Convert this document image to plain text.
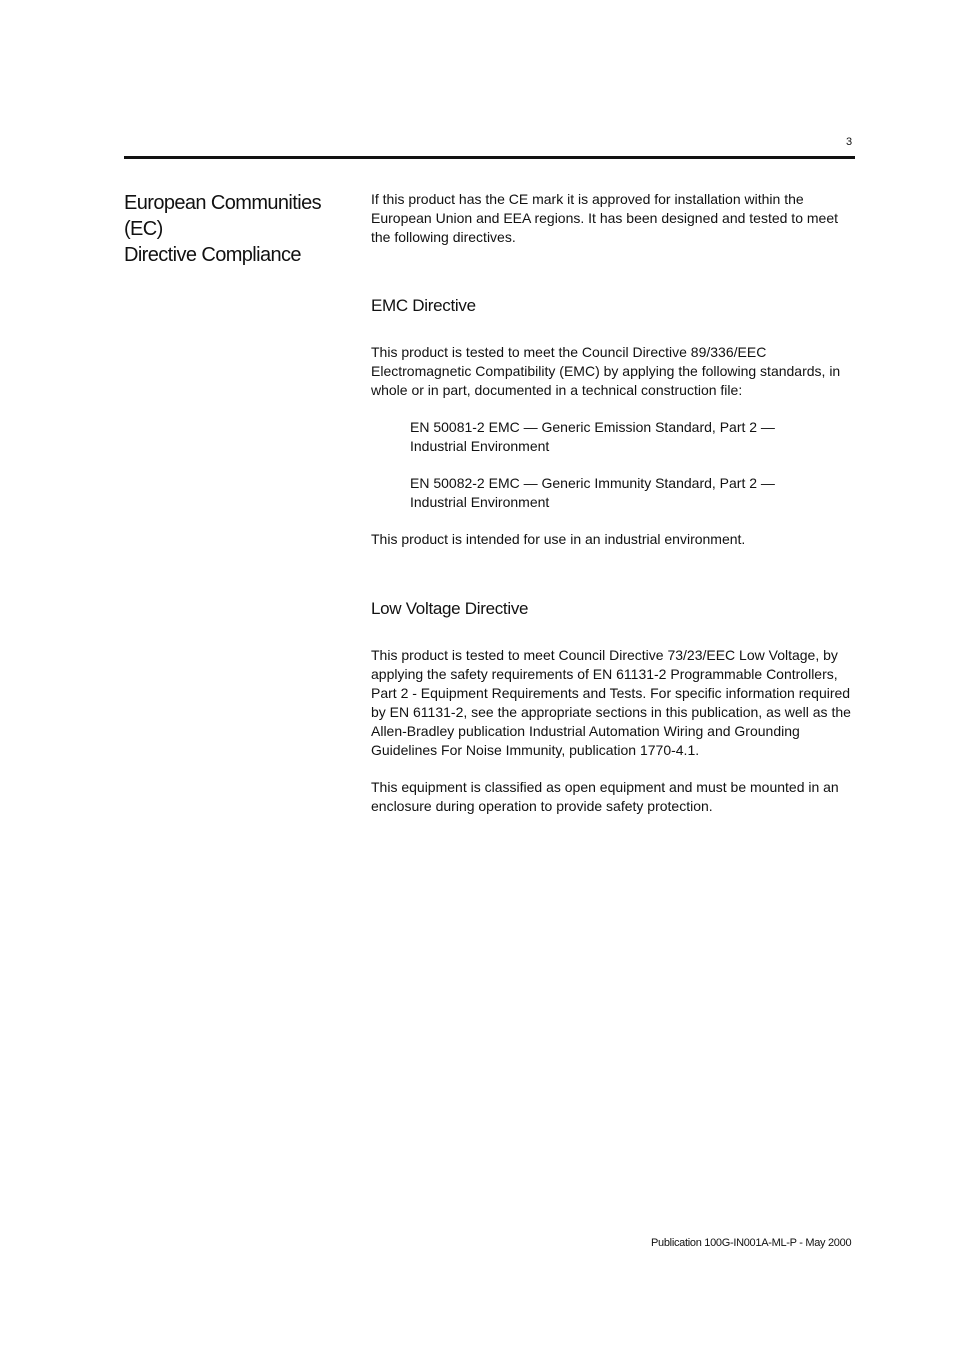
3
European Communities (EC)
Directive Compliance

If this product has the CE mark it is approved for installation within the European Union and EEA regions. It has been designed and tested to meet the following directives.

EMC Directive

This product is tested to meet the Council Directive 89/336/EEC Electromagnetic Compatibility (EMC) by applying the following standards, in whole or in part, documented in a technical construction file:

EN 50081-2 EMC — Generic Emission Standard, Part 2 —
Industrial Environment

EN 50082-2 EMC — Generic Immunity Standard, Part 2 —
Industrial Environment

This product is intended for use in an industrial environment.

Low Voltage Directive

This product is tested to meet Council Directive 73/23/EEC Low Voltage, by applying the safety requirements of EN 61131-2 Programmable Controllers, Part 2 - Equipment Requirements and Tests. For specific information required by EN 61131-2, see the appropriate sections in this publication, as well as the Allen-Bradley publication Industrial Automation Wiring and Grounding Guidelines For Noise Immunity, publication 1770-4.1.

This equipment is classified as open equipment and must be mounted in an enclosure during operation to provide safety protection.

Publication 100G-IN001A-ML-P - May 2000
